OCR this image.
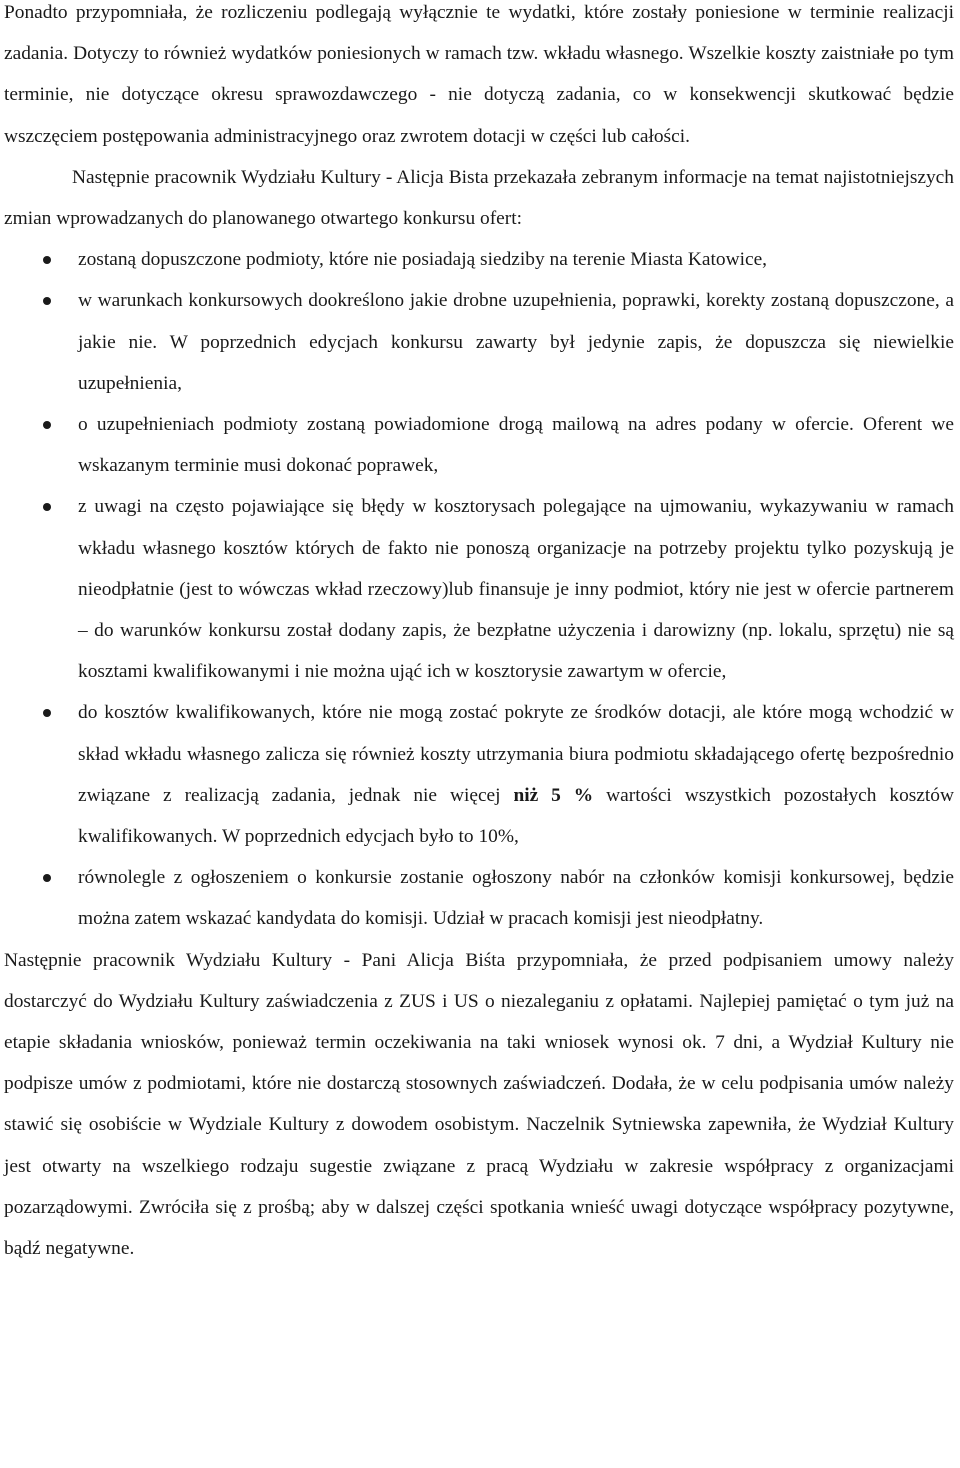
Ponadto przypomniała, że rozliczeniu podlegają wyłącznie te wydatki, które zostały poniesione w terminie realizacji zadania. Dotyczy to również wydatków poniesionych w ramach tzw. wkładu własnego. Wszelkie koszty zaistniałe po tym terminie, nie dotyczące okresu sprawozdawczego - nie dotyczą zadania, co w konsekwencji skutkować będzie wszczęciem postępowania administracyjnego oraz zwrotem dotacji w części lub całości.

Następnie pracownik Wydziału Kultury - Alicja Bista przekazała zebranym informacje na temat najistotniejszych zmian wprowadzanych do planowanego otwartego konkursu ofert:

zostaną dopuszczone podmioty, które nie posiadają siedziby na terenie Miasta Katowice,
w warunkach konkursowych dookreślono jakie drobne uzupełnienia, poprawki, korekty zostaną dopuszczone, a jakie nie. W poprzednich edycjach konkursu zawarty był jedynie zapis, że dopuszcza się niewielkie uzupełnienia,
o uzupełnieniach podmioty zostaną powiadomione drogą mailową na adres podany w ofercie. Oferent we wskazanym terminie musi dokonać poprawek,
z uwagi na często pojawiające się błędy w kosztorysach polegające na ujmowaniu, wykazywaniu w ramach wkładu własnego kosztów których de fakto nie ponoszą organizacje na potrzeby projektu tylko pozyskują je nieodpłatnie (jest to wówczas wkład rzeczowy)lub finansuje je inny podmiot, który nie jest w ofercie partnerem – do warunków konkursu został dodany zapis, że bezpłatne użyczenia i darowizny (np. lokalu, sprzętu) nie są kosztami kwalifikowanymi i nie można ująć ich w kosztorysie zawartym w ofercie,
do kosztów kwalifikowanych, które nie mogą zostać pokryte ze środków dotacji, ale które mogą wchodzić w skład wkładu własnego zalicza się również koszty utrzymania biura podmiotu składającego ofertę bezpośrednio związane z realizacją zadania, jednak nie więcej niż 5 % wartości wszystkich pozostałych kosztów kwalifikowanych. W poprzednich edycjach było to 10%,
równolegle z ogłoszeniem o konkursie zostanie ogłoszony nabór na członków komisji konkursowej, będzie można zatem wskazać kandydata do komisji. Udział w pracach komisji jest nieodpłatny.

Następnie pracownik Wydziału Kultury - Pani Alicja Biśta przypomniała, że przed podpisaniem umowy należy dostarczyć do Wydziału Kultury zaświadczenia z ZUS i US o niezaleganiu z opłatami. Najlepiej pamiętać o tym już na etapie składania wniosków, ponieważ termin oczekiwania na taki wniosek wynosi ok. 7 dni, a Wydział Kultury nie podpisze umów z podmiotami, które nie dostarczą stosownych zaświadczeń. Dodała, że w celu podpisania umów należy stawić się osobiście w Wydziale Kultury z dowodem osobistym. Naczelnik Sytniewska zapewniła, że Wydział Kultury jest otwarty na wszelkiego rodzaju sugestie związane z pracą Wydziału w zakresie współpracy z organizacjami pozarządowymi. Zwróciła się z prośbą; aby w dalszej części spotkania wnieść uwagi dotyczące współpracy pozytywne, bądź negatywne.
